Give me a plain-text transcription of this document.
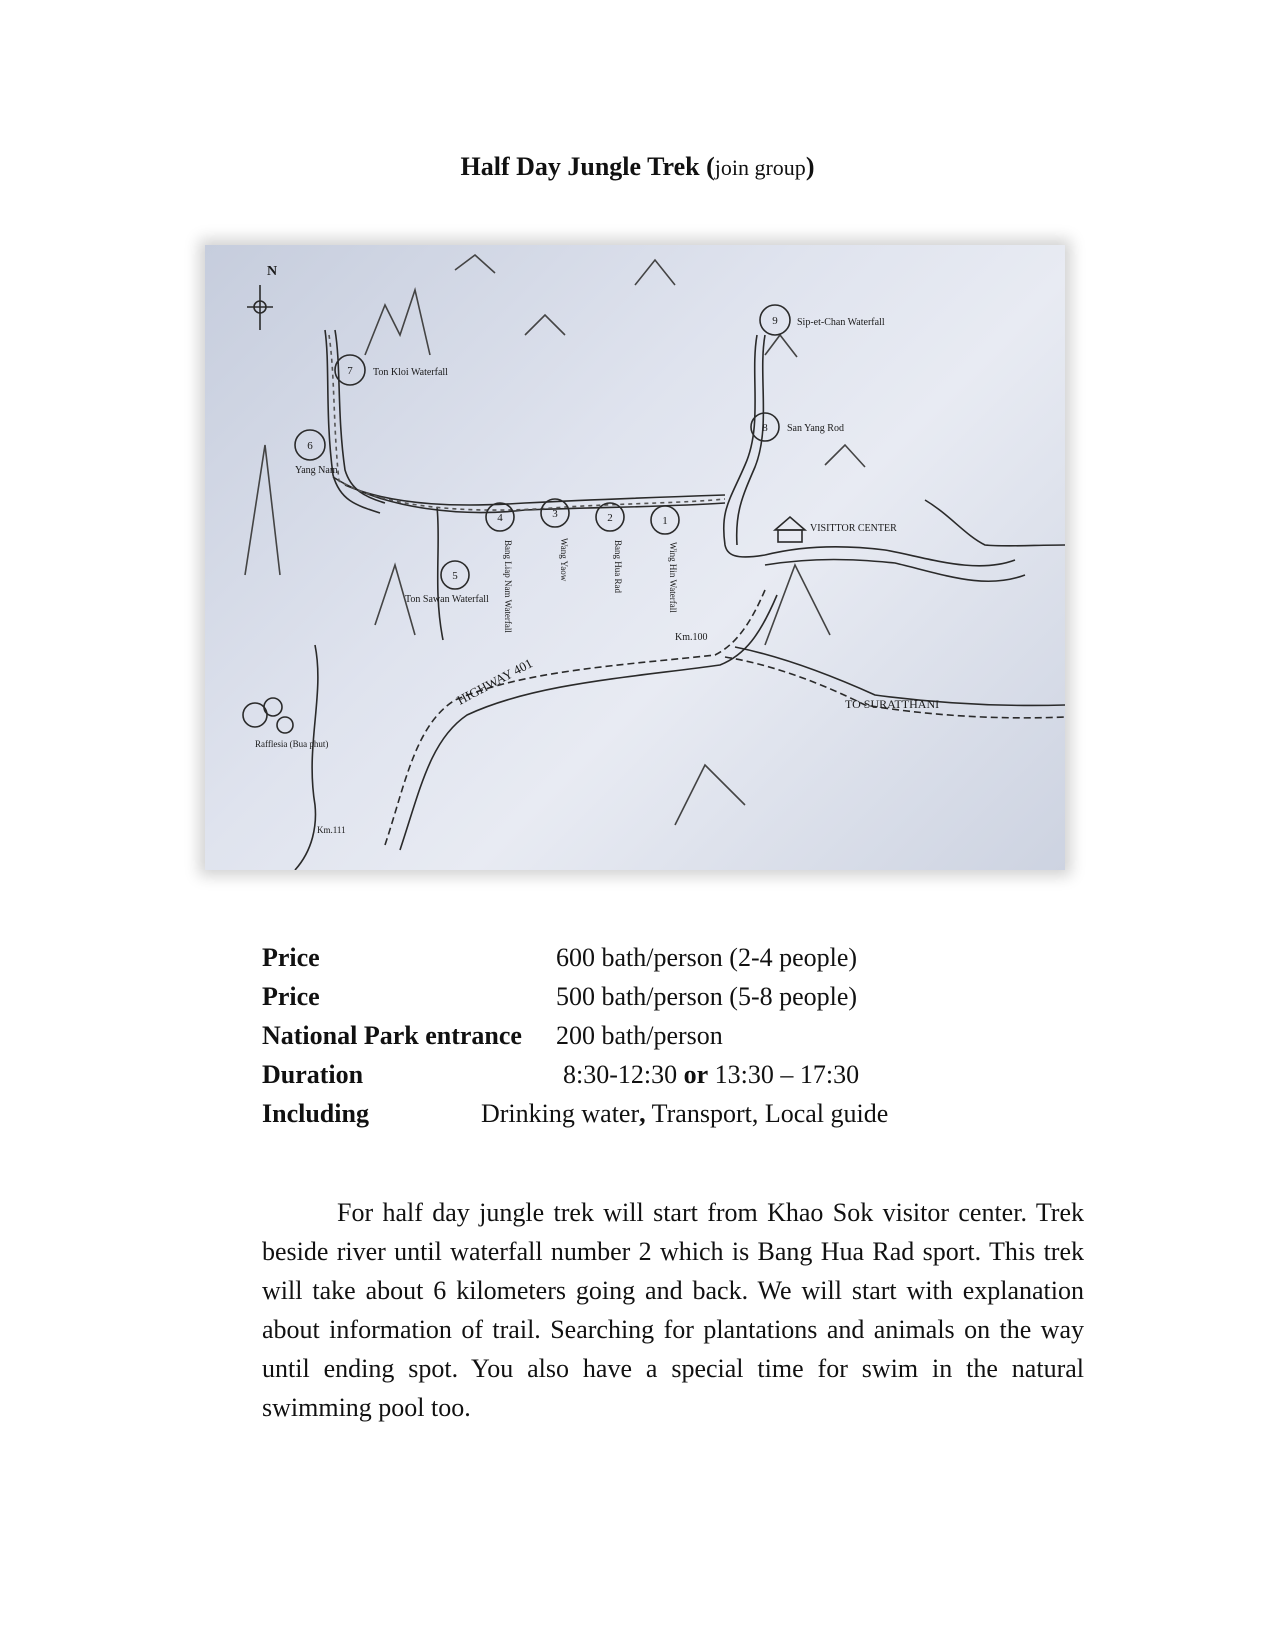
Half Day Jungle Trek (join group)
9
7
8
6
4	3	2	1
5
N
Sip-et-Chan Waterfall
Ton Kloi Waterfall
San Yang Rod
Yang Nam
VISITTOR CENTER
Ton Sawan Waterfall
Km.100
TO SURATTHANI
Rafflesia (Bua phut)
Km.111
HIGHWAY 401
Bang Liap Nam Waterfall	Wang Yaow	Bang Hua Rad	Wing Hin Waterfall
Price	600 bath/person (2-4 people)
Price	500 bath/person (5-8 people)
National Park entrance 200 bath/person
Duration	8:30-12:30 or 13:30 – 17:30
Including	Drinking water, Transport, Local guide

For half day jungle trek will start from Khao Sok visitor center. Trek beside river until waterfall number 2 which is Bang Hua Rad sport. This trek will take about 6 kilometers going and back. We will start with explanation about information of trail. Searching for plantations and animals on the way until ending spot. You also have a special time for swim in the natural swimming pool too.
